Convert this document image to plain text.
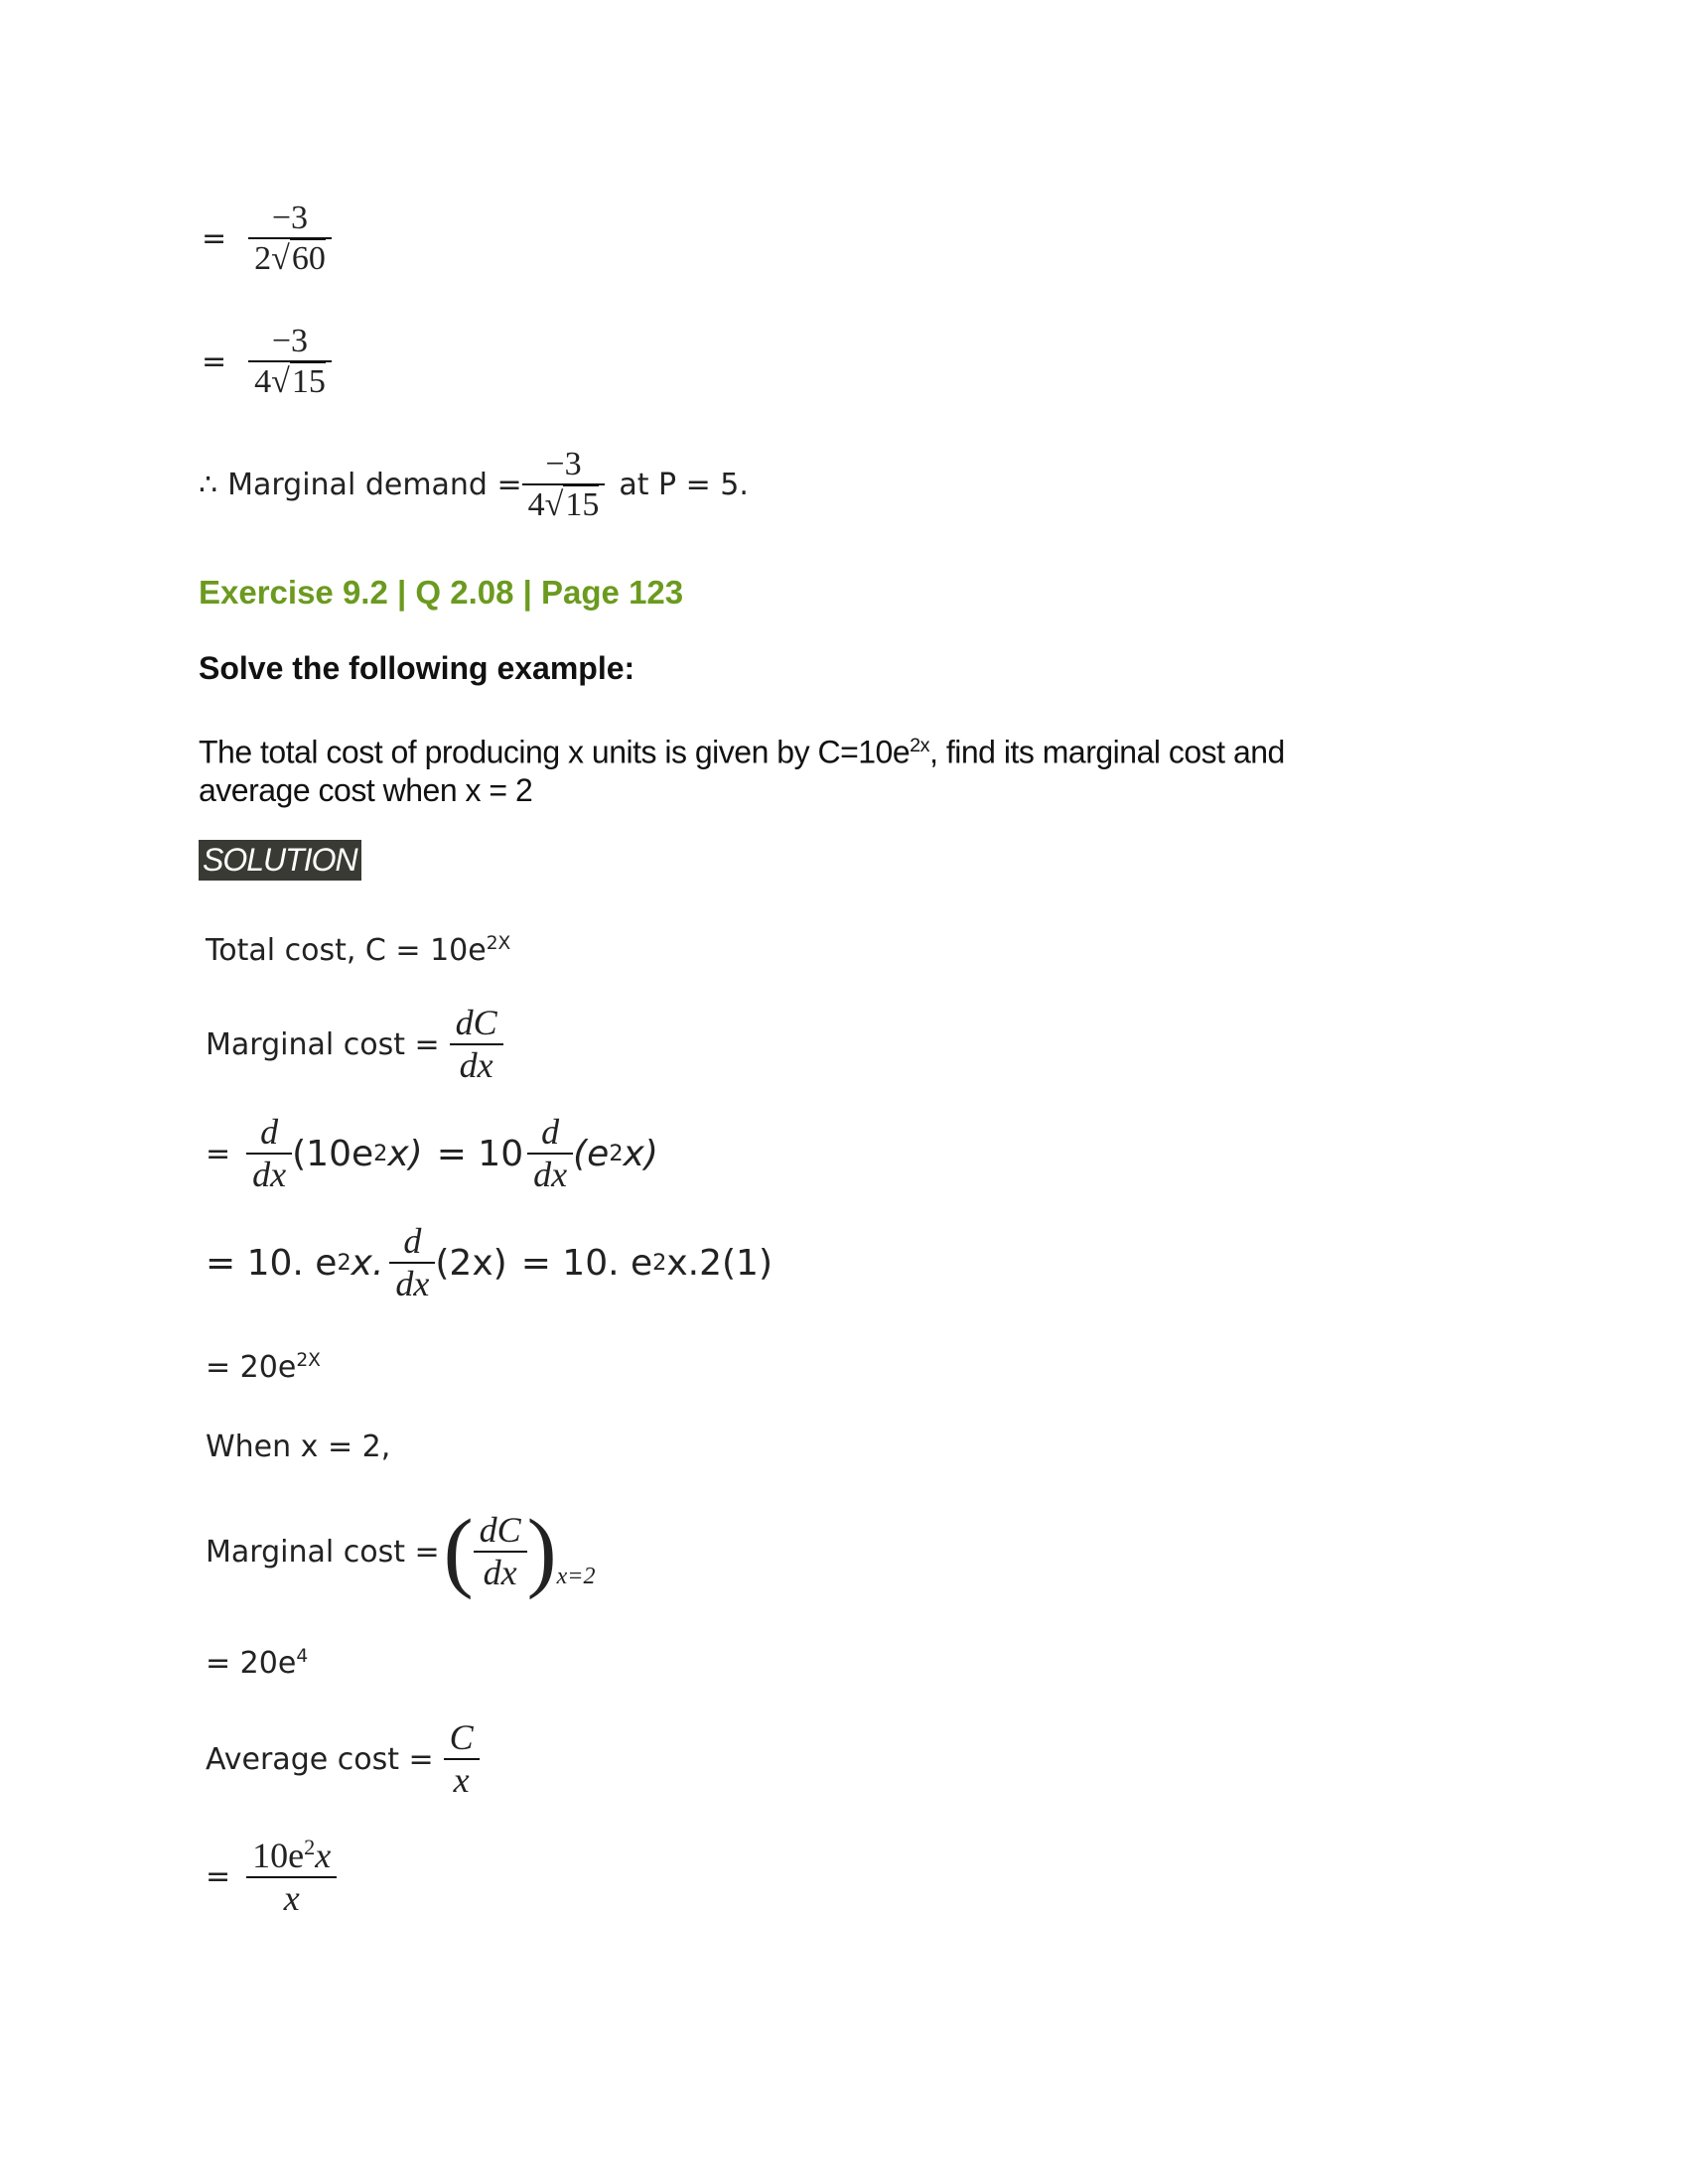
= $\frac{-3}{2√60}$
= $\frac{-3}{4√15}$
∴ Marginal demand = $\frac{-3}{4√15}$ at P = 5.
Exercise 9.2 | Q 2.08 | Page 123
Solve the following example:
The total cost of producing x units is given by $C=10e^{2x}$, find its marginal cost and
average cost when x = 2
SOLUTION
Total cost, $C = 10e^{2X}$
Marginal $\cos t = \frac{dC}{dx}$
= $\frac{d}{dx} (10e$ 2 $x) = 10 \frac{d}{dx} (e$ 2 x)
= 10. e 2 x. $\frac{d}{dx} (2x) = 10$. e 2 x.2(1)
= $20e^{2X}$
When x = 2,
Marginal cost = ( $\frac{dC}{dx}$ ) x=2
= $20e^4$
Average $\cos t = \frac{C}{x}$
= $\frac{10e^2x}{x}$
